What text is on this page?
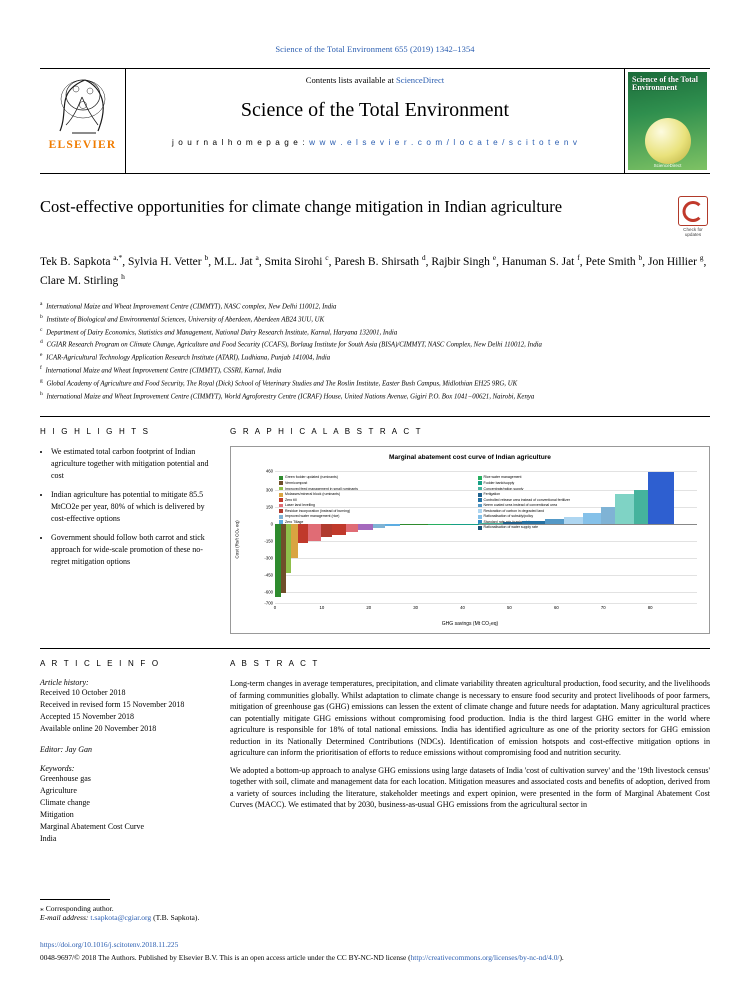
Science of the Total Environment 655 (2019) 1342–1354
ELSEVIER
Contents lists available at ScienceDirect
Science of the Total Environment
j o u r n a l h o m e p a g e : w w w . e l s e v i e r . c o m / l o c a t e / s c i t o t e n v
Science of the Total Environment
ScienceDirect
Cost-effective opportunities for climate change mitigation in Indian agriculture
Check for updates
Tek B. Sapkota $^{a,*}$, Sylvia H. Vetter $^b$, M.L. Jat $^a$, Smita Sirohi $^c$, Paresh B. Shirsath $^d$, Rajbir Singh $^e$, Hanuman S. Jat $^f$, Pete Smith $^b$, Jon Hillier $^g$, Clare M. Stirling $^h$
$^a$ International Maize and Wheat Improvement Centre (CIMMYT), NASC complex, New Delhi 110012, India
$^b$ Institute of Biological and Environmental Sciences, University of Aberdeen, Aberdeen AB24 3UU, UK
$^c$ Department of Dairy Economics, Statistics and Management, National Dairy Research Institute, Karnal, Haryana 132001, India
$^d$ CGIAR Research Program on Climate Change, Agriculture and Food Security (CCAFS), Borlaug Institute for South Asia (BISA)/CIMMYT, NASC Complex, New Delhi 110012, India
$^e$ ICAR-Agricultural Technology Application Research Institute (ATARI), Ludhiana, Punjab 141004, India
$^f$ International Maize and Wheat Improvement Centre (CIMMYT), CSSRI, Karnal, India
$^g$ Global Academy of Agriculture and Food Security, The Royal (Dick) School of Veterinary Studies and The Roslin Institute, Easter Bush Campus, Midlothian EH25 9RG, UK
$^h$ International Maize and Wheat Improvement Centre (CIMMYT), World Agroforestry Centre (ICRAF) House, United Nations Avenue, Gigiri P.O. Box 1041−00621, Nairobi, Kenya
H I G H L I G H T S
• We estimated total carbon footprint of Indian agriculture together with mitigation potential and cost
• Indian agriculture has potential to mitigate 85.5 MtCO2e per year, 80% of which is delivered by cost-effective options
• Government should follow both carrot and stick approach for wide-scale promotion of these no-regret mitigation options
G R A P H I C A L A B S T R A C T
Marginal abatement cost curve of Indian agriculture
Cost (Rs/t CO₂ eq)
Green fodder updated (ruminants)
Vermicompost
Improved feed management in small ruminants
Molasses/mineral block (ruminants)
Zero till
Laser land levelling
Residue incorporation (instead of burning)
Improved water management (rice)
Zero Tillage
Rice water management
Fodder bank/supply
Concentrate/ration supply
Fertigation
Controlled release urea instead of conventional fertilizer
Neem coated urea instead of conventional urea
Restoration of carbon in degraded land
Rationalisation of subsidy/policy
Rationalisation of water supply rate
460
300
150
0
-150
-300
-450
-600
-700
0	10	20	30	40	50	60	70	80
GHG savings (Mt CO₂eq)
A R T I C L E I N F O
Article history:
Received 10 October 2018
Received in revised form 15 November 2018
Accepted 15 November 2018
Available online 20 November 2018
Editor: Jay Gan
Keywords:
Greenhouse gas
Agriculture
Climate change
Mitigation
Marginal Abatement Cost Curve
India
A B S T R A C T

Long-term changes in average temperatures, precipitation, and climate variability threaten agricultural production, food security, and the livelihoods of farming communities globally. Whilst adaptation to climate change is necessary to ensure food security and protect livelihoods of poor farmers, mitigation of greenhouse gas (GHG) emissions can lessen the extent of climate change and future needs for adaptation. Many agricultural practices can potentially mitigate GHG emissions without compromising food production. India is the third largest GHG emitter in the world where agriculture is responsible for 18% of total national emissions. India has identified agriculture as one of the priority sectors for GHG emission reduction in its Nationally Determined Contributions (NDCs). Identification of emission hotspots and cost-effective mitigation options in agriculture can inform the prioritisation of efforts to reduce emissions without compromising food and nutrition security.

We adopted a bottom-up approach to analyse GHG emissions using large datasets of India 'cost of cultivation survey' and the '19th livestock census' together with soil, climate and management data for each location. Mitigation measures and associated costs and benefits of adoption, derived from a variety of sources including the literature, stakeholder meetings and expert opinion, were presented in the form of Marginal Abatement Cost Curves (MACC). We estimated that by 2030, business-as-usual GHG emissions from the agricultural sector in

⁎ Corresponding author.
E-mail address: t.sapkota@cgiar.org (T.B. Sapkota).
https://doi.org/10.1016/j.scitotenv.2018.11.225
0048-9697/© 2018 The Authors. Published by Elsevier B.V. This is an open access article under the CC BY-NC-ND license (http://creativecommons.org/licenses/by-nc-nd/4.0/).
